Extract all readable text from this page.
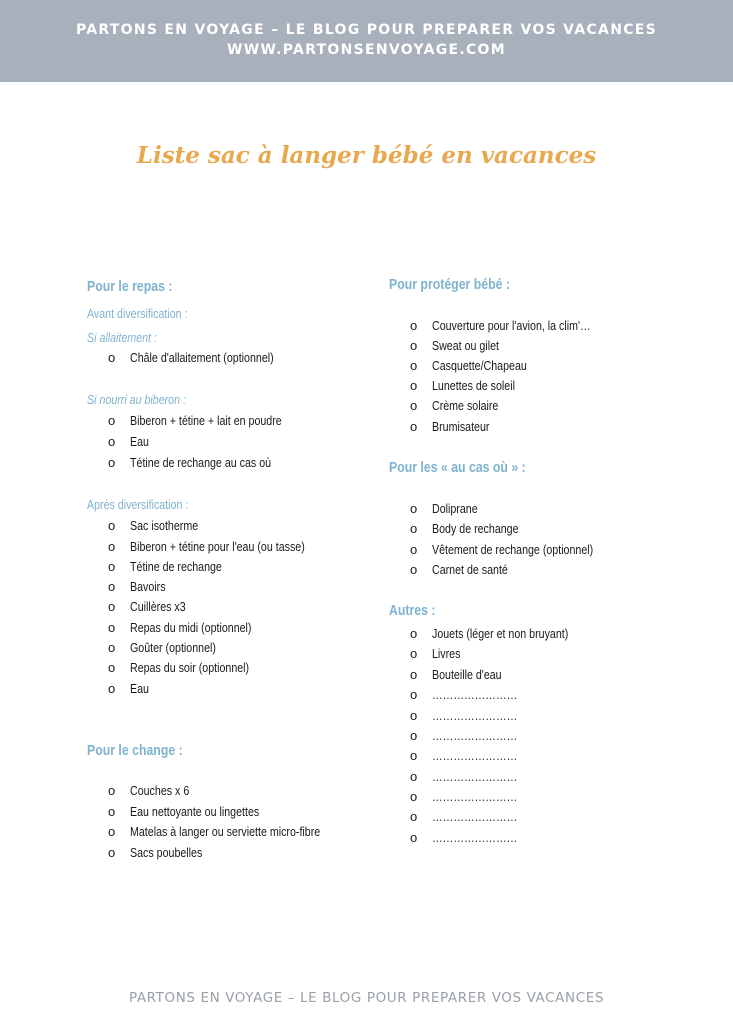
PARTONS EN VOYAGE – LE BLOG POUR PREPARER VOS VACANCES
WWW.PARTONSENVOYAGE.COM
Liste sac à langer bébé en vacances
Pour le repas :
Avant diversification :
Si allaitement :
o Châle d'allaitement (optionnel)
Si nourri au biberon :
o Biberon + tétine + lait en poudre
o Eau
o Tétine de rechange au cas où
Après diversification :
o Sac isotherme
o Biberon + tétine pour l'eau (ou tasse)
o Tétine de rechange
o Bavoirs
o Cuillères x3
o Repas du midi (optionnel)
o Goûter (optionnel)
o Repas du soir (optionnel)
o Eau
Pour le change :
o Couches x 6
o Eau nettoyante ou lingettes
o Matelas à langer ou serviette micro-fibre
o Sacs poubelles
Pour protéger bébé :
o Couverture pour l'avion, la clim'…
o Sweat ou gilet
o Casquette/Chapeau
o Lunettes de soleil
o Crème solaire
o Brumisateur
Pour les « au cas où » :
o Doliprane
o Body de rechange
o Vêtement de rechange (optionnel)
o Carnet de santé
Autres :
o Jouets (léger et non bruyant)
o Livres
o Bouteille d'eau
o ……………………
o ……………………
o ……………………
o ……………………
o ……………………
o ……………………
o ……………………
o ……………………
PARTONS EN VOYAGE – LE BLOG POUR PREPARER VOS VACANCES
